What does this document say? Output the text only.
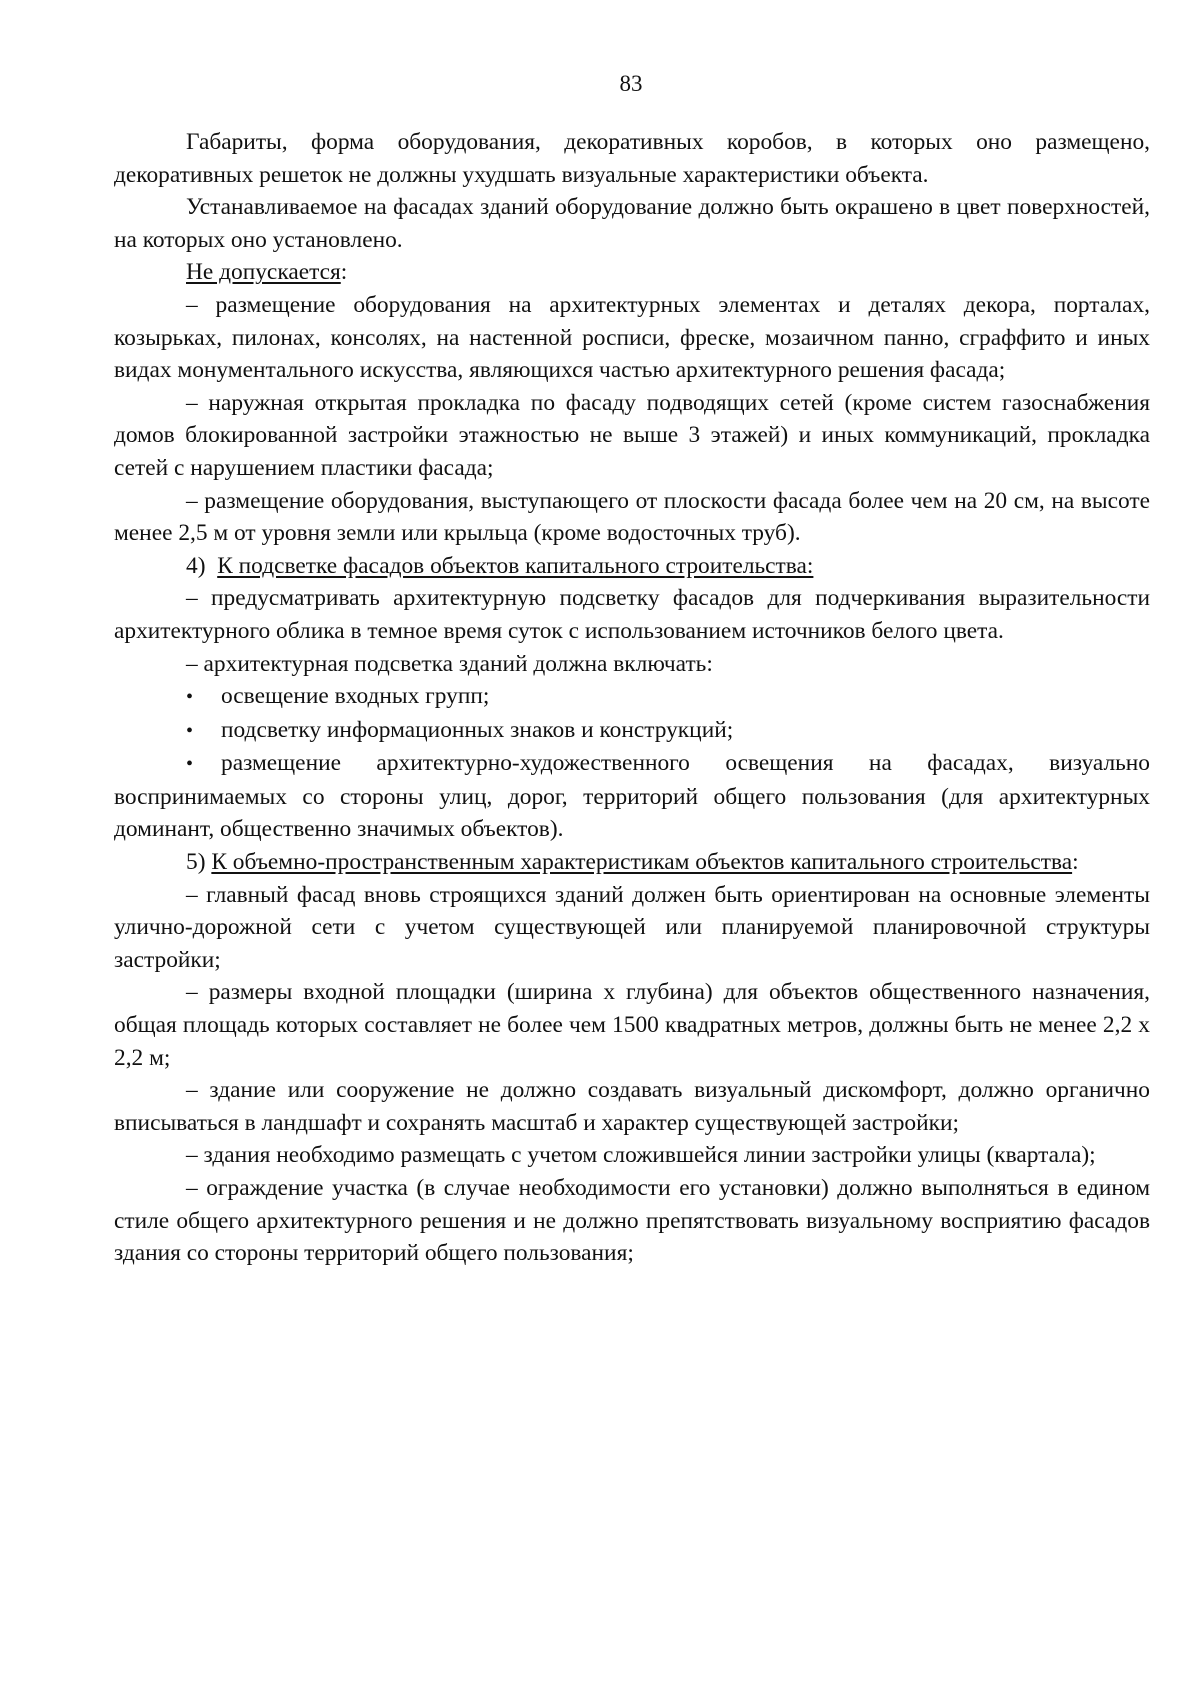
83

Габариты, форма оборудования, декоративных коробов, в которых оно размещено, декоративных решеток не должны ухудшать визуальные характеристики объекта.

Устанавливаемое на фасадах зданий оборудование должно быть окрашено в цвет поверхностей, на которых оно установлено.

Не допускается:

– размещение оборудования на архитектурных элементах и деталях декора, порталах, козырьках, пилонах, консолях, на настенной росписи, фреске, мозаичном панно, сграффито и иных видах монументального искусства, являющихся частью архитектурного решения фасада;

– наружная открытая прокладка по фасаду подводящих сетей (кроме систем газоснабжения домов блокированной застройки этажностью не выше 3 этажей) и иных коммуникаций, прокладка сетей с нарушением пластики фасада;

– размещение оборудования, выступающего от плоскости фасада более чем на 20 см, на высоте менее 2,5 м от уровня земли или крыльца (кроме водосточных труб).

4) К подсветке фасадов объектов капитального строительства:

– предусматривать архитектурную подсветку фасадов для подчеркивания выразительности архитектурного облика в темное время суток с использованием источников белого цвета.

– архитектурная подсветка зданий должна включать:

• освещение входных групп;

• подсветку информационных знаков и конструкций;

• размещение архитектурно-художественного освещения на фасадах, визуально воспринимаемых со стороны улиц, дорог, территорий общего пользования (для архитектурных доминант, общественно значимых объектов).

5) К объемно-пространственным характеристикам объектов капитального строительства:

– главный фасад вновь строящихся зданий должен быть ориентирован на основные элементы улично-дорожной сети с учетом существующей или планируемой планировочной структуры застройки;

– размеры входной площадки (ширина x глубина) для объектов общественного назначения, общая площадь которых составляет не более чем 1500 квадратных метров, должны быть не менее 2,2 x 2,2 м;

– здание или сооружение не должно создавать визуальный дискомфорт, должно органично вписываться в ландшафт и сохранять масштаб и характер существующей застройки;

– здания необходимо размещать с учетом сложившейся линии застройки улицы (квартала);

– ограждение участка (в случае необходимости его установки) должно выполняться в едином стиле общего архитектурного решения и не должно препятствовать визуальному восприятию фасадов здания со стороны территорий общего пользования;
